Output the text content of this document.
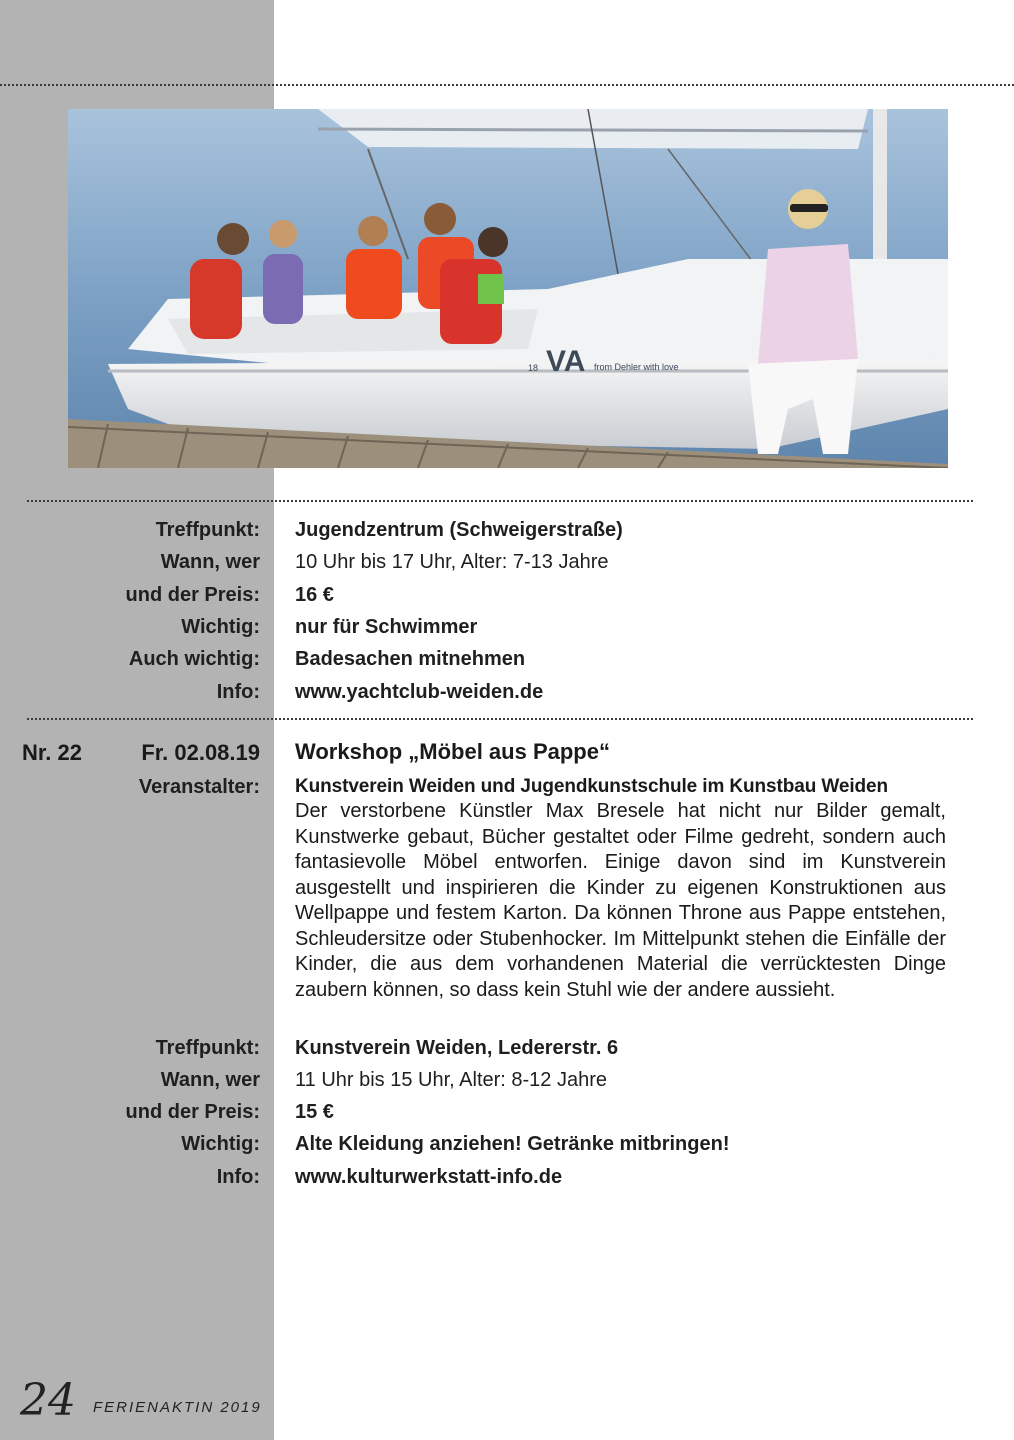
VA
18	from Dehler with love
Treffpunkt: Jugendzentrum (Schweigerstraße)
Wann, wer 10 Uhr bis 17 Uhr, Alter: 7-13 Jahre
und der Preis: 16 €
Wichtig: nur für Schwimmer
Auch wichtig: Badesachen mitnehmen
Info: www.yachtclub-weiden.de
Nr. 22	Fr. 02.08.19 Workshop „Möbel aus Pappe“
Veranstalter: Kunstverein Weiden und Jugendkunstschule im Kunstbau Weiden
Der verstorbene Künstler Max Bresele hat nicht nur Bilder gemalt, Kunstwerke gebaut, Bücher gestaltet oder Filme gedreht, sondern auch fantasievolle Möbel entworfen. Einige davon sind im Kunstverein ausgestellt und inspirieren die Kinder zu eigenen Konstruktionen aus Wellpappe und festem Karton. Da können Throne aus Pappe entstehen, Schleudersitze oder Stubenhocker. Im Mittelpunkt stehen die Einfälle der Kinder, die aus dem vorhandenen Material die verrücktesten Dinge zaubern können, so dass kein Stuhl wie der andere aussieht.
Treffpunkt: Kunstverein Weiden, Ledererstr. 6
Wann, wer 11 Uhr bis 15 Uhr, Alter: 8-12 Jahre
und der Preis: 15 €
Wichtig: Alte Kleidung anziehen! Getränke mitbringen!
Info: www.kulturwerkstatt-info.de
24 FERIENAKTIN 2019
